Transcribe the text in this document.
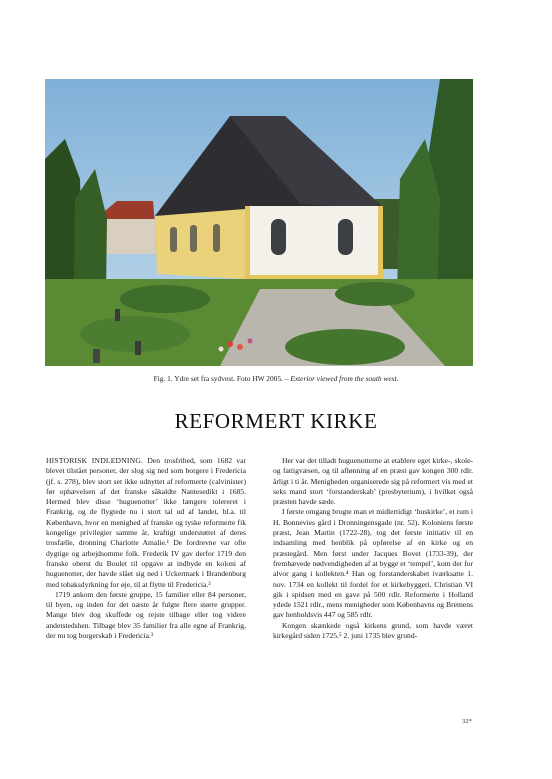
Fig. 1. Ydre set fra sydvest. Foto HW 2005. – Exterior viewed from the south west.
REFORMERT KIRKE

HISTORISK INDLEDNING. Den trosfrihed, som 1682 var blevet tilstået personer, der slog sig ned som borgere i Fredericia (jf. s. 278), blev stort set ikke udnyttet af reformerte (calvinister) før ophævelsen af det franske såkaldte Nantesedikt i 1685. Hermed blev disse ‘huguenotter’ ikke længere tolereret i Frankrig, og de flygtede nu i stort tal ud af landet, bl.a. til København, hvor en menighed af franske og tyske reformerte fik kongelige privilegier samme år, kraftigt understøttet af deres trosfælle, dronning Charlotte Amalie.¹ De fordrevne var ofte dygtige og arbejdsomme folk. Frederik IV gav derfor 1719 den franske oberst du Boulet til opgave at indbyde en koloni af huguenotter, der havde slået sig ned i Uckermark i Brandenburg med tobaksdyrkning for øje, til at flytte til Fredericia.²

1719 ankom den første gruppe, 15 familier eller 84 personer, til byen, og inden for det næste år fulgte flere større grupper. Mange blev dog skuffede og rejste tilbage eller tog videre andetstedshen. Tilbage blev 35 familier fra alle egne af Frankrig, der nu tog borgerskab i Fredericia.³

Her var det tilladt huguenotterne at etablere eget kirke-, skole- og fattigvæsen, og til aflønning af en præst gav kongen 300 rdlr. årligt i ti år. Menigheden organiserede sig på reformert vis med et seks mand stort ‘forstanderskab’ (presbyterium), i hvilket også præsten havde sæde.

I første omgang brugte man et midlertidigt ‘huskirke’, et rum i H. Bonnevies gård i Dronningensgade (nr. 52). Koloniens første præst, Jean Martin (1722-28), tog det første initiativ til en indsamling med henblik på opførelse af en kirke og en præstegård. Men først under Jacques Bovet (1733-39), der fremhævede nødvendigheden af at bygge et ‘tempel’, kom der for alvor gang i kollekten.⁴ Han og forstanderskabet iværksatte 1. nov. 1734 en kollekt til fordel for et kirkebyggeri. Christian VI gik i spidsen med en gave på 500 rdlr. Reformerte i Holland ydede 1521 rdlr., mens menigheder som Københavns og Bremens gav henholdsvis 447 og 585 rdlr.

Kongen skænkede også kirkens grund, som havde været kirkegård siden 1725.⁵ 2. juni 1735 blev grund-

32*
